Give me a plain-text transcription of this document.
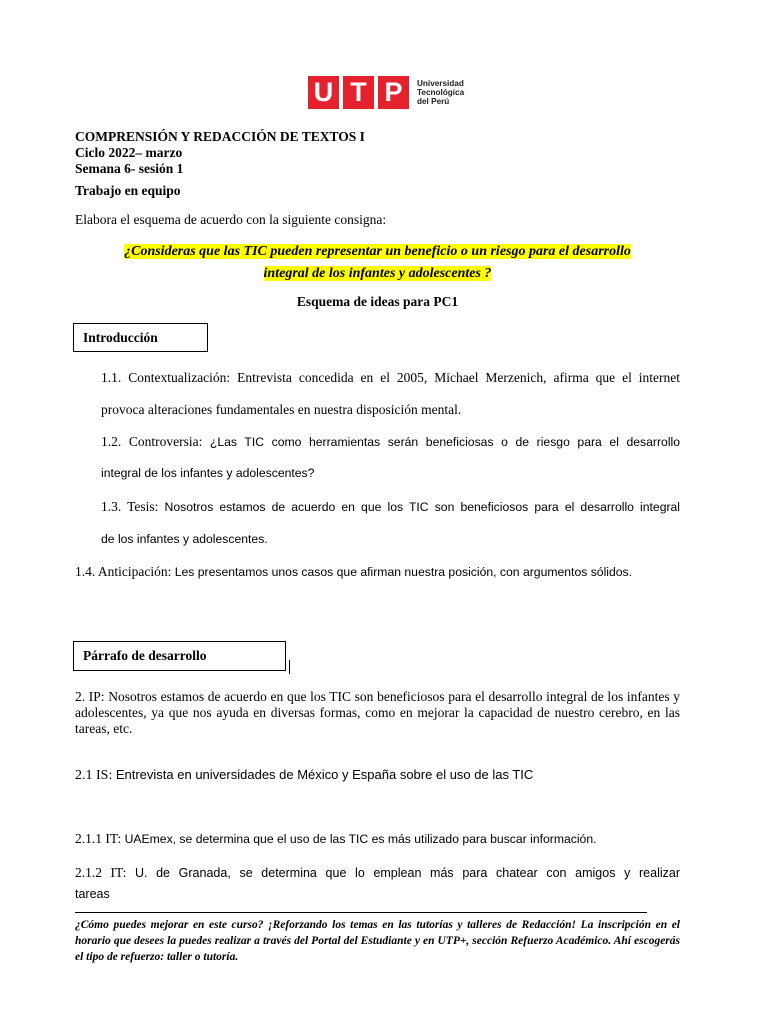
U T P	Universidad
Tecnológica
del Perú
COMPRENSIÓN Y REDACCIÓN DE TEXTOS I
Ciclo 2022– marzo
Semana 6- sesión 1
Trabajo en equipo
Elabora el esquema de acuerdo con la siguiente consigna:
¿Consideras que las TIC pueden representar un beneficio o un riesgo para el desarrollo
integral de los infantes y adolescentes ?
Esquema de ideas para PC1
Introducción
1.1. Contextualización: Entrevista concedida en el 2005, Michael Merzenich, afirma que el internet
provoca alteraciones fundamentales en nuestra disposición mental.
1.2. Controversia: ¿Las TIC como herramientas serán beneficiosas o de riesgo para el desarrollo
integral de los infantes y adolescentes?
1.3. Tesis: Nosotros estamos de acuerdo en que los TIC son beneficiosos para el desarrollo integral
de los infantes y adolescentes.
1.4. Anticipación: Les presentamos unos casos que afirman nuestra posición, con argumentos sólidos.
Párrafo de desarrollo
2. IP: Nosotros estamos de acuerdo en que los TIC son beneficiosos para el desarrollo integral de los infantes y adolescentes, ya que nos ayuda en diversas formas, como en mejorar la capacidad de nuestro cerebro, en las tareas, etc.
2.1 IS: Entrevista en universidades de México y España sobre el uso de las TIC
2.1.1 IT: UAEmex, se determina que el uso de las TIC es más utilizado para buscar información.
2.1.2 IT: U. de Granada, se determina que lo emplean más para chatear con amigos y realizar
tareas
¿Cómo puedes mejorar en este curso? ¡Reforzando los temas en las tutorías y talleres de Redacción! La inscripción en el horario que desees la puedes realizar a través del Portal del Estudiante y en UTP+, sección Refuerzo Académico. Ahí escogerás el tipo de refuerzo: taller o tutoría.
